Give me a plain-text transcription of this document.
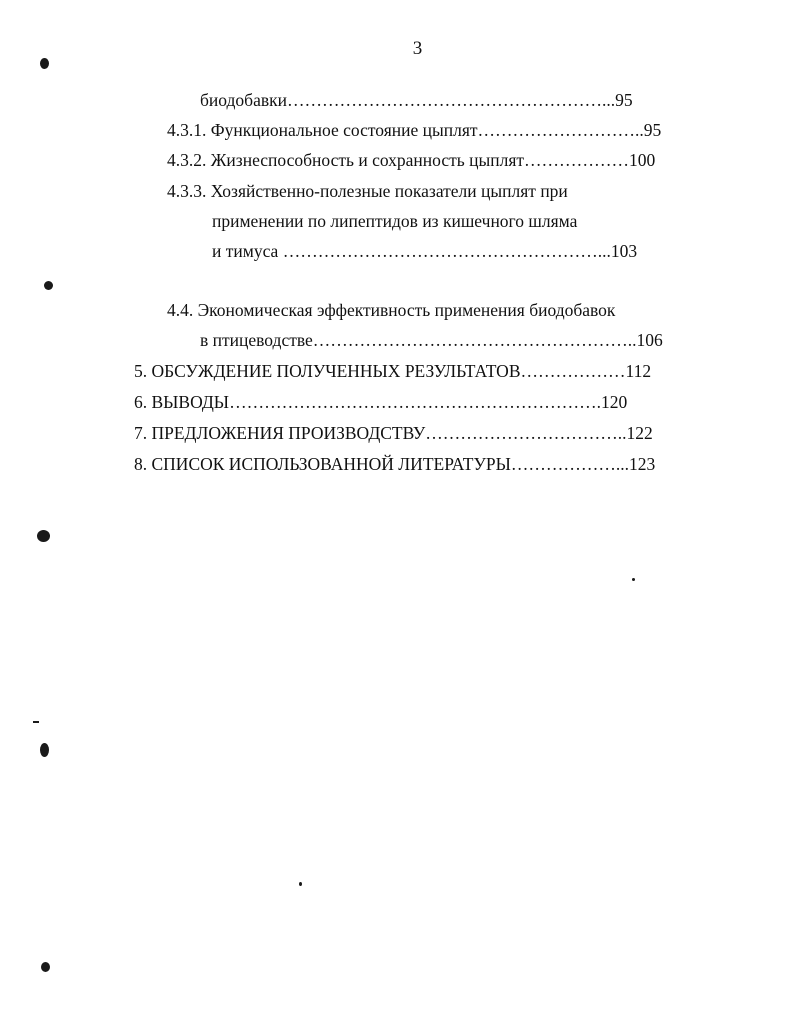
3
биодобавки………………………………………………...95
4.3.1. Функциональное состояние цыплят………………………..95
4.3.2. Жизнеспособность и сохранность цыплят………………100
4.3.3. Хозяйственно-полезные показатели цыплят при
применении по липептидов из кишечного шляма
и тимуса ………………………………………………...103
4.4. Экономическая эффективность применения биодобавок
в птицеводстве………………………………………………..106
5. ОБСУЖДЕНИЕ ПОЛУЧЕННЫХ РЕЗУЛЬТАТОВ………………112
6. ВЫВОДЫ……………………………………………………….120
7. ПРЕДЛОЖЕНИЯ ПРОИЗВОДСТВУ……………………………..122
8. СПИСОК ИСПОЛЬЗОВАННОЙ ЛИТЕРАТУРЫ………………...123
